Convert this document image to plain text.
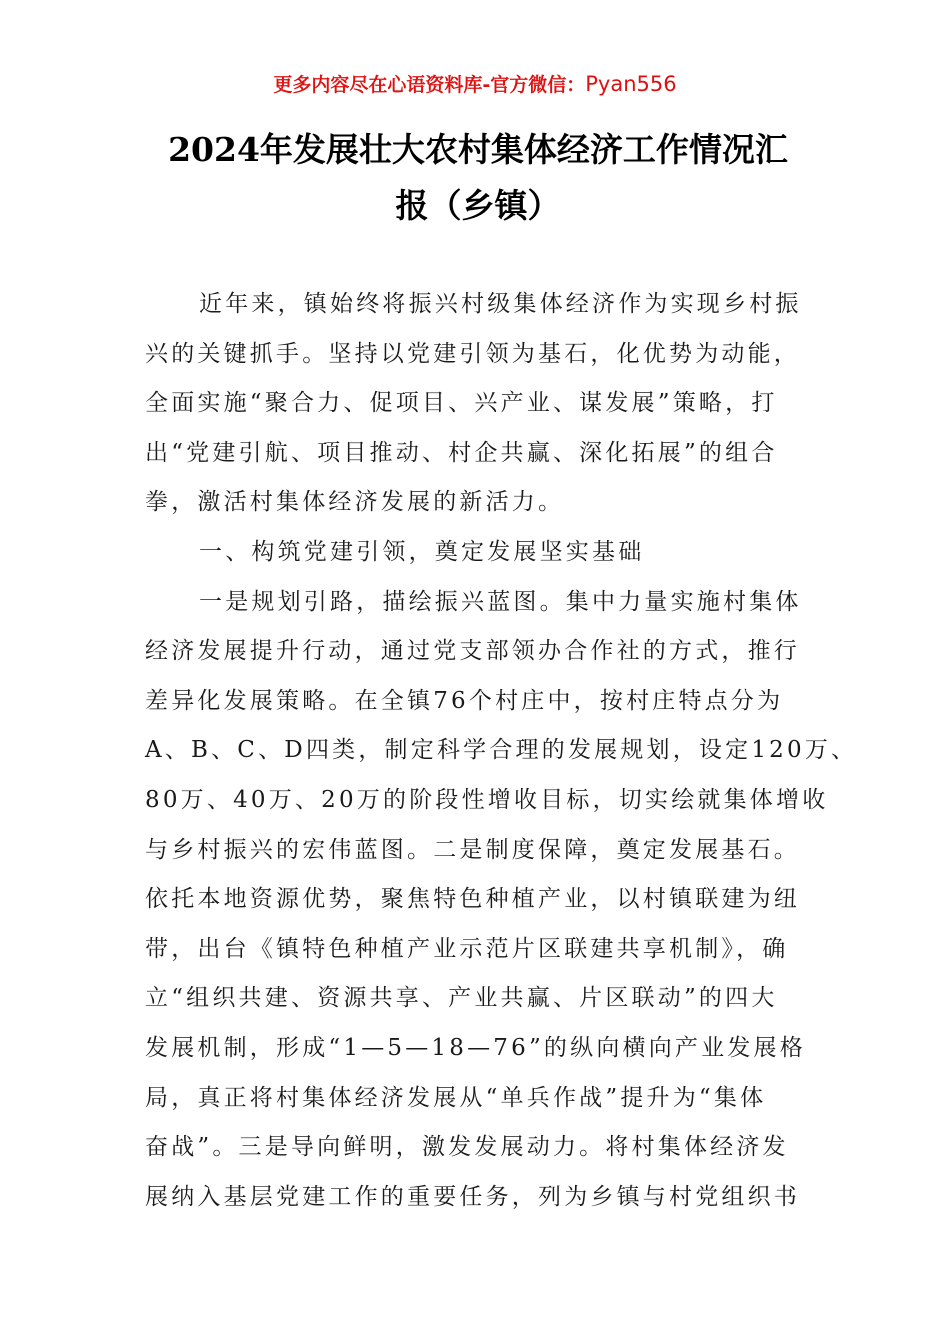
更多内容尽在心语资料库-官方微信：Pyan556
2024年发展壮大农村集体经济工作情况汇
报（乡镇）
近年来，镇始终将振兴村级集体经济作为实现乡村振
兴的关键抓手。坚持以党建引领为基石，化优势为动能，
全面实施“聚合力、促项目、兴产业、谋发展”策略，打
出“党建引航、项目推动、村企共赢、深化拓展”的组合
拳，激活村集体经济发展的新活力。
一、构筑党建引领，奠定发展坚实基础
一是规划引路，描绘振兴蓝图。集中力量实施村集体
经济发展提升行动，通过党支部领办合作社的方式，推行
差异化发展策略。在全镇76个村庄中，按村庄特点分为
A、B、C、D四类，制定科学合理的发展规划，设定120万、
80万、40万、20万的阶段性增收目标，切实绘就集体增收
与乡村振兴的宏伟蓝图。二是制度保障，奠定发展基石。
依托本地资源优势，聚焦特色种植产业，以村镇联建为纽
带，出台《镇特色种植产业示范片区联建共享机制》，确
立“组织共建、资源共享、产业共赢、片区联动”的四大
发展机制，形成“1—5—18—76”的纵向横向产业发展格
局，真正将村集体经济发展从“单兵作战”提升为“集体
奋战”。三是导向鲜明，激发发展动力。将村集体经济发
展纳入基层党建工作的重要任务，列为乡镇与村党组织书
